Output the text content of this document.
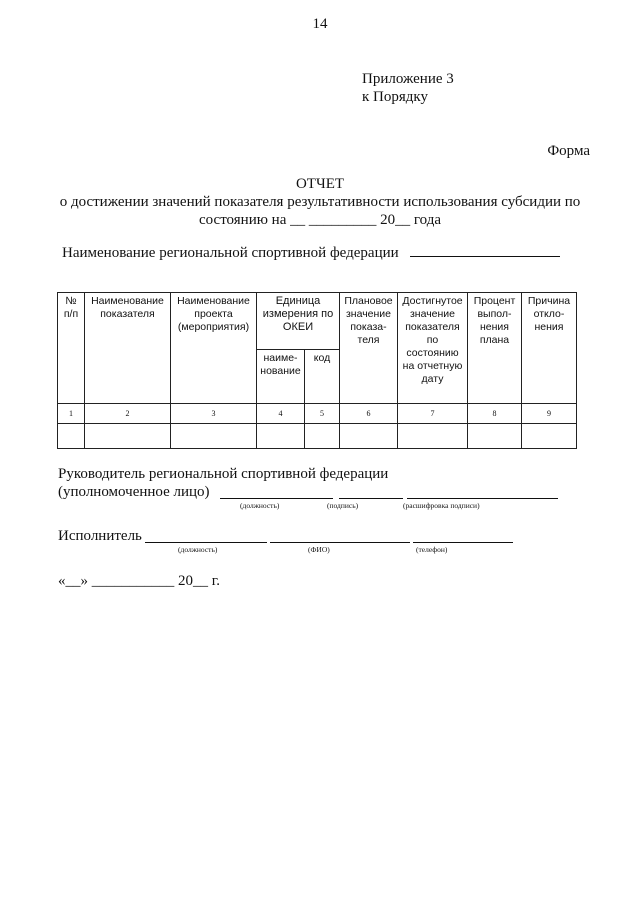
14
Приложение 3
к Порядку
Форма
ОТЧЕТ
о достижении значений показателя результативности использования субсидии по
состоянию на __ _________ 20__ года
Наименование региональной спортивной федерации
№ п/п	Наименование показателя	Наименование проекта (мероприятия)	Единица измерения по ОКЕИ		Плановое значение показа-теля	Достигнутое значение показателя по состоянию на отчетную дату	Процент выпол-нения плана	Причина откло-нения
			наиме-нование	код				
1	2	3	4	5	6	7	8	9

Руководитель региональной спортивной федерации
(уполномоченное лицо)
(должность)	(подпись)	(расшифровка подписи)
Исполнитель
(должность)	(ФИО)	(телефон)
«__» ___________ 20__ г.
